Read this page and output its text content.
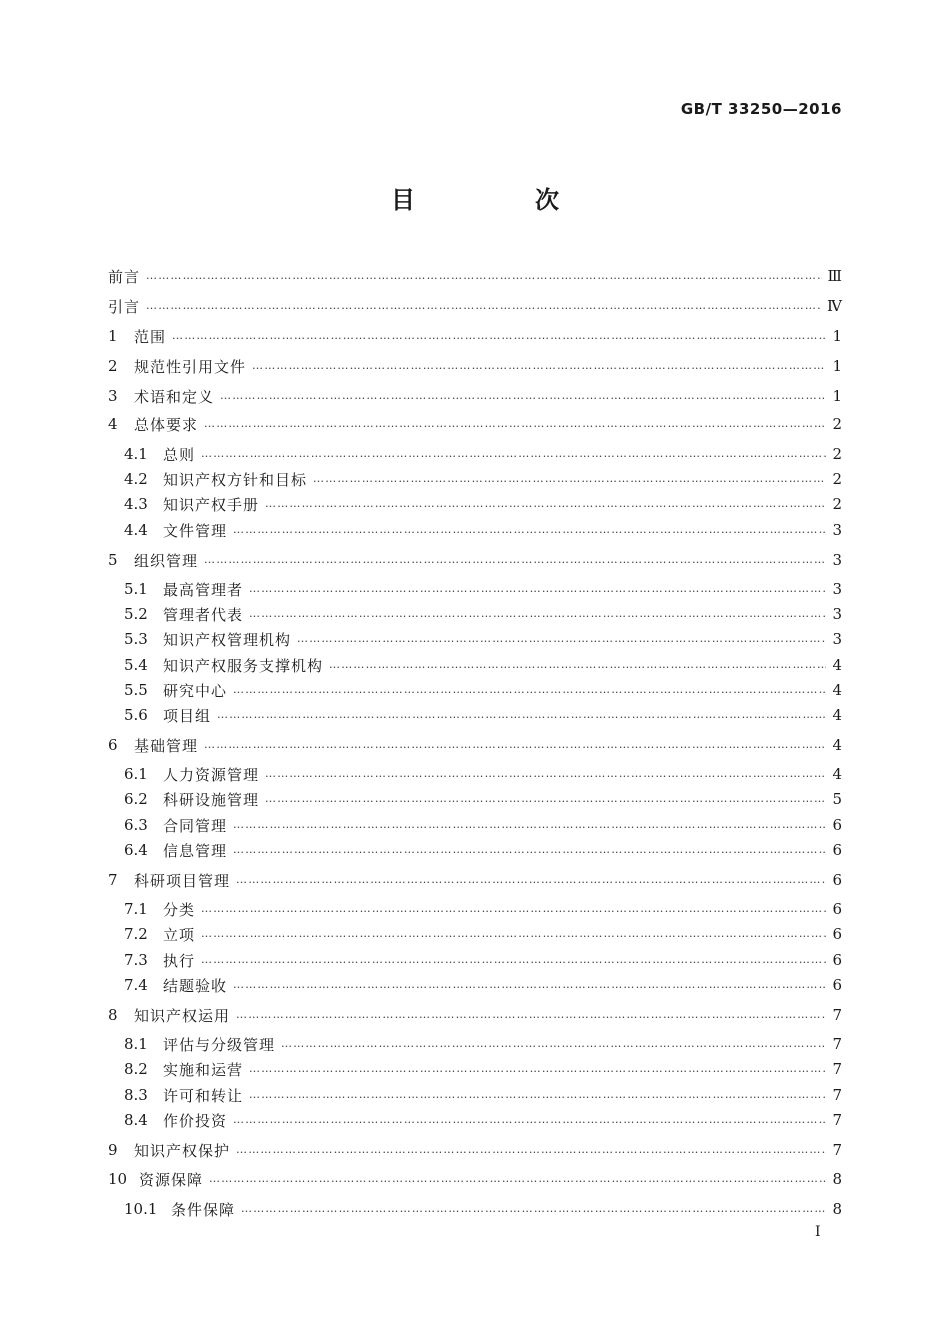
GB/T 33250—2016
目　次
前言 …………………………………………………………………………………………………………………………………………………………………………………………………………	Ⅲ
引言 …………………………………………………………………………………………………………………………………………………………………………………………………………	Ⅳ
1	范围 …………………………………………………………………………………………………………………………………………………………………………………………………………	1
2	规范性引用文件 …………………………………………………………………………………………………………………………………………………………………………………………………………	1
3	术语和定义 …………………………………………………………………………………………………………………………………………………………………………………………………………	1
4	总体要求 …………………………………………………………………………………………………………………………………………………………………………………………………………	2
4.1	总则 …………………………………………………………………………………………………………………………………………………………………………………………………………	2
4.2	知识产权方针和目标 …………………………………………………………………………………………………………………………………………………………………………………………………………	2
4.3	知识产权手册 …………………………………………………………………………………………………………………………………………………………………………………………………………	2
4.4	文件管理 …………………………………………………………………………………………………………………………………………………………………………………………………………	3
5	组织管理 …………………………………………………………………………………………………………………………………………………………………………………………………………	3
5.1	最高管理者 …………………………………………………………………………………………………………………………………………………………………………………………………………	3
5.2	管理者代表 …………………………………………………………………………………………………………………………………………………………………………………………………………	3
5.3	知识产权管理机构 …………………………………………………………………………………………………………………………………………………………………………………………………………	3
5.4	知识产权服务支撑机构 …………………………………………………………………………………………………………………………………………………………………………………………………………	4
5.5	研究中心 …………………………………………………………………………………………………………………………………………………………………………………………………………	4
5.6	项目组 …………………………………………………………………………………………………………………………………………………………………………………………………………	4
6	基础管理 …………………………………………………………………………………………………………………………………………………………………………………………………………	4
6.1	人力资源管理 …………………………………………………………………………………………………………………………………………………………………………………………………………	4
6.2	科研设施管理 …………………………………………………………………………………………………………………………………………………………………………………………………………	5
6.3	合同管理 …………………………………………………………………………………………………………………………………………………………………………………………………………	6
6.4	信息管理 …………………………………………………………………………………………………………………………………………………………………………………………………………	6
7	科研项目管理 …………………………………………………………………………………………………………………………………………………………………………………………………………	6
7.1	分类 …………………………………………………………………………………………………………………………………………………………………………………………………………	6
7.2	立项 …………………………………………………………………………………………………………………………………………………………………………………………………………	6
7.3	执行 …………………………………………………………………………………………………………………………………………………………………………………………………………	6
7.4	结题验收 …………………………………………………………………………………………………………………………………………………………………………………………………………	6
8	知识产权运用 …………………………………………………………………………………………………………………………………………………………………………………………………………	7
8.1	评估与分级管理 …………………………………………………………………………………………………………………………………………………………………………………………………………	7
8.2	实施和运营 …………………………………………………………………………………………………………………………………………………………………………………………………………	7
8.3	许可和转让 …………………………………………………………………………………………………………………………………………………………………………………………………………	7
8.4	作价投资 …………………………………………………………………………………………………………………………………………………………………………………………………………	7
9	知识产权保护 …………………………………………………………………………………………………………………………………………………………………………………………………………	7
10 资源保障 …………………………………………………………………………………………………………………………………………………………………………………………………………	8
10.1 条件保障 …………………………………………………………………………………………………………………………………………………………………………………………………………	8
I
